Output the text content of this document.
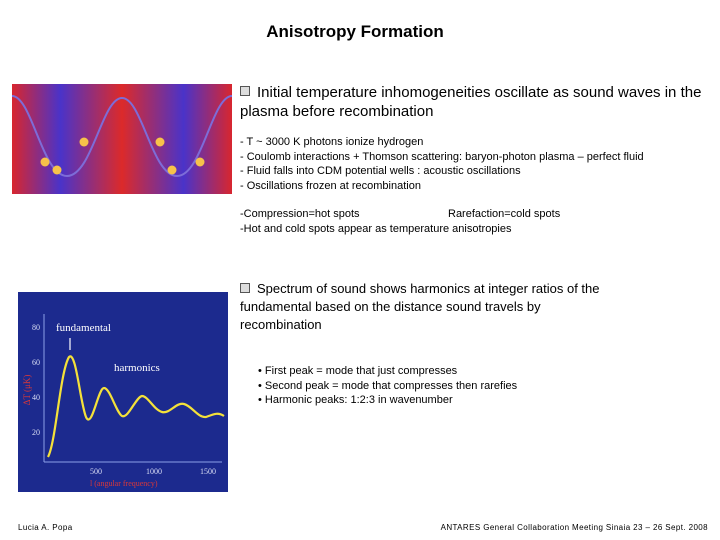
Anisotropy Formation
Initial temperature inhomogeneities oscillate as sound waves in the plasma before recombination
- T ~ 3000 K photons ionize hydrogen
- Coulomb interactions + Thomson scattering: baryon-photon plasma – perfect fluid
- Fluid falls into CDM potential wells : acoustic oscillations
- Oscillations frozen at recombination
-Compression=hot spots	Rarefaction=cold spots
-Hot and cold spots appear as temperature anisotropies
Spectrum of sound shows harmonics at integer ratios of the fundamental based on the distance sound travels by recombination
80
60
40
20
500	1000	1500
ΔT (μK)
l (angular frequency)
fundamental
harmonics	• First peak = mode that just compresses
• Second peak = mode that compresses then rarefies
• Harmonic peaks: 1:2:3 in wavenumber
Lucia A. Popa	ANTARES General Collaboration Meeting Sinaia 23 – 26 Sept. 2008
